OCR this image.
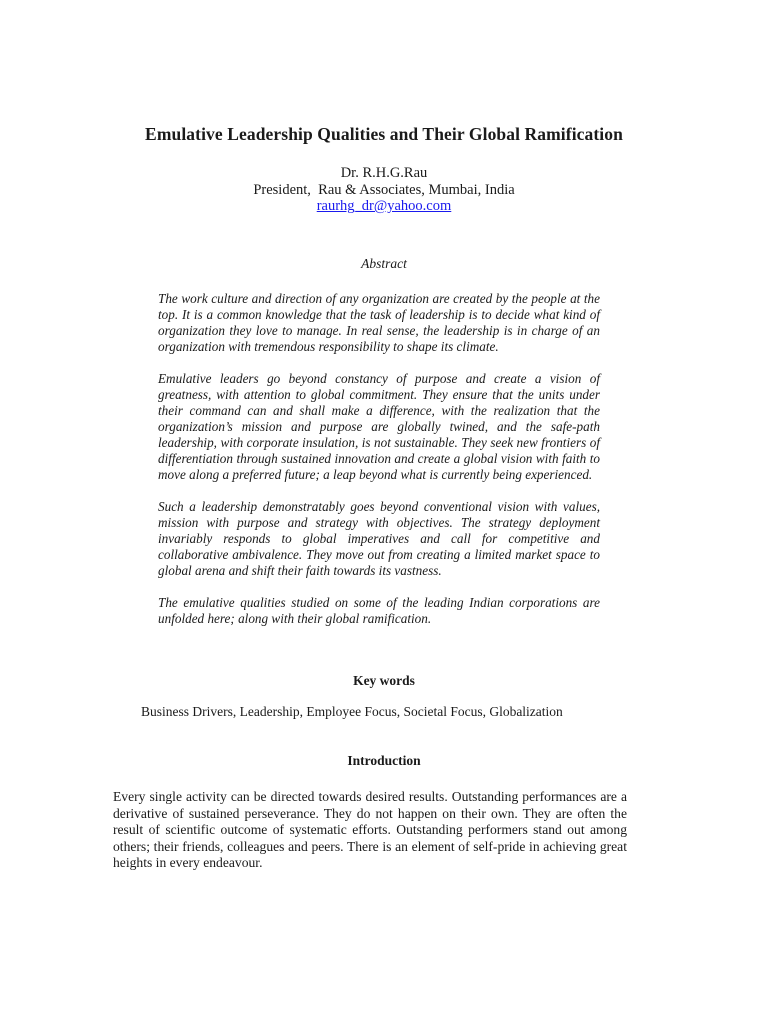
Emulative Leadership Qualities and Their Global Ramification
Dr. R.H.G.Rau
President,  Rau & Associates, Mumbai, India
raurhg_dr@yahoo.com
Abstract

The work culture and direction of any organization are created by the people at the top. It is a common knowledge that the task of leadership is to decide what kind of organization they love to manage. In real sense, the leadership is in charge of an organization with tremendous responsibility to shape its climate.

Emulative leaders go beyond constancy of purpose and create a vision of greatness, with attention to global commitment. They ensure that the units under their command can and shall make a difference, with the realization that the organization’s mission and purpose are globally twined, and the safe-path leadership, with corporate insulation, is not sustainable. They seek new frontiers of differentiation through sustained innovation and create a global vision with faith to move along a preferred future; a leap beyond what is currently being experienced.

Such a leadership demonstratably goes beyond conventional vision with values, mission with purpose and strategy with objectives. The strategy deployment invariably responds to global imperatives and call for competitive and collaborative ambivalence. They move out from creating a limited market space to global arena and shift their faith towards its vastness.

The emulative qualities studied on some of the leading Indian corporations are unfolded here; along with their global ramification.

Key words
Business Drivers, Leadership, Employee Focus, Societal Focus, Globalization
Introduction
Every single activity can be directed towards desired results. Outstanding performances are a derivative of sustained perseverance. They do not happen on their own. They are often the result of scientific outcome of systematic efforts. Outstanding performers stand out among others; their friends, colleagues and peers. There is an element of self-pride in achieving great heights in every endeavour.
